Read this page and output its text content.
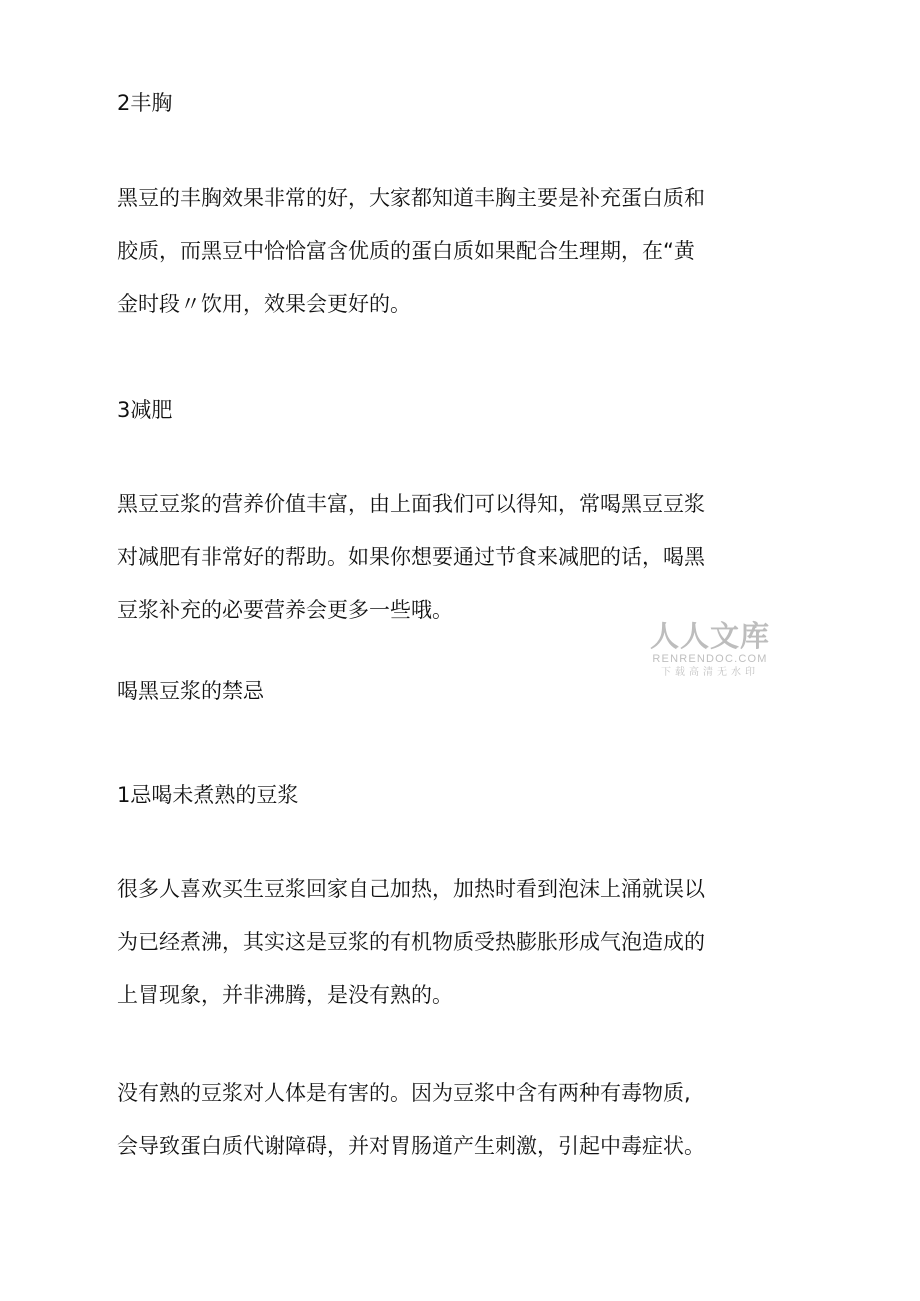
2丰胸

黑豆的丰胸效果非常的好，大家都知道丰胸主要是补充蛋白质和

胶质，而黑豆中恰恰富含优质的蛋白质如果配合生理期，在“黄

金时段〃饮用，效果会更好的。

3减肥

黑豆豆浆的营养价值丰富，由上面我们可以得知，常喝黑豆豆浆

对减肥有非常好的帮助。如果你想要通过节食来减肥的话，喝黑

豆浆补充的必要营养会更多一些哦。

喝黑豆浆的禁忌
1忌喝未煮熟的豆浆

很多人喜欢买生豆浆回家自己加热，加热时看到泡沫上涌就误以

为已经煮沸，其实这是豆浆的有机物质受热膨胀形成气泡造成的

上冒现象，并非沸腾，是没有熟的。

没有熟的豆浆对人体是有害的。因为豆浆中含有两种有毒物质,

会导致蛋白质代谢障碍，并对胃肠道产生刺激，引起中毒症状。

人人文库
RENRENDOC.COM
下载高清无水印
